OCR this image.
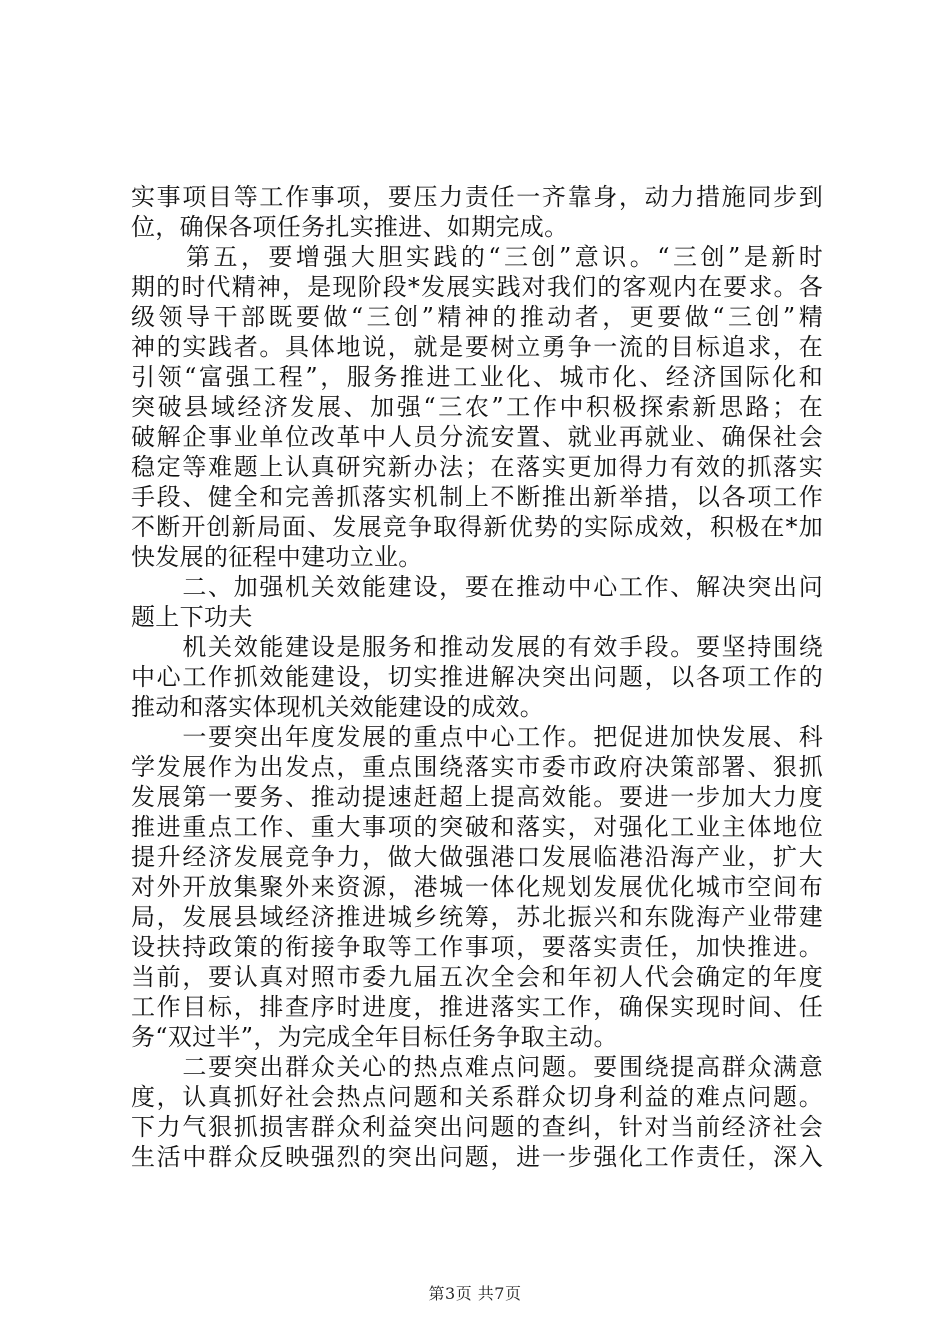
实事项目等工作事项，要压力责任一齐靠身，动力措施同步到
位，确保各项任务扎实推进、如期完成。
　　第五，要增强大胆实践的“三创”意识。“三创”是新时
期的时代精神，是现阶段*发展实践对我们的客观内在要求。各
级领导干部既要做“三创”精神的推动者，更要做“三创”精
神的实践者。具体地说，就是要树立勇争一流的目标追求，在
引领“富强工程”，服务推进工业化、城市化、经济国际化和
突破县域经济发展、加强“三农”工作中积极探索新思路；在
破解企事业单位改革中人员分流安置、就业再就业、确保社会
稳定等难题上认真研究新办法；在落实更加得力有效的抓落实
手段、健全和完善抓落实机制上不断推出新举措，以各项工作
不断开创新局面、发展竞争取得新优势的实际成效，积极在*加
快发展的征程中建功立业。
　　二、加强机关效能建设，要在推动中心工作、解决突出问
题上下功夫
　　机关效能建设是服务和推动发展的有效手段。要坚持围绕
中心工作抓效能建设，切实推进解决突出问题，以各项工作的
推动和落实体现机关效能建设的成效。
　　一要突出年度发展的重点中心工作。把促进加快发展、科
学发展作为出发点，重点围绕落实市委市政府决策部署、狠抓
发展第一要务、推动提速赶超上提高效能。要进一步加大力度
推进重点工作、重大事项的突破和落实，对强化工业主体地位
提升经济发展竞争力，做大做强港口发展临港沿海产业，扩大
对外开放集聚外来资源，港城一体化规划发展优化城市空间布
局，发展县域经济推进城乡统筹，苏北振兴和东陇海产业带建
设扶持政策的衔接争取等工作事项，要落实责任，加快推进。
当前，要认真对照市委九届五次全会和年初人代会确定的年度
工作目标，排查序时进度，推进落实工作，确保实现时间、任
务“双过半”，为完成全年目标任务争取主动。
　　二要突出群众关心的热点难点问题。要围绕提高群众满意
度，认真抓好社会热点问题和关系群众切身利益的难点问题。
下力气狠抓损害群众利益突出问题的查纠，针对当前经济社会
生活中群众反映强烈的突出问题，进一步强化工作责任，深入
第3页 共7页
